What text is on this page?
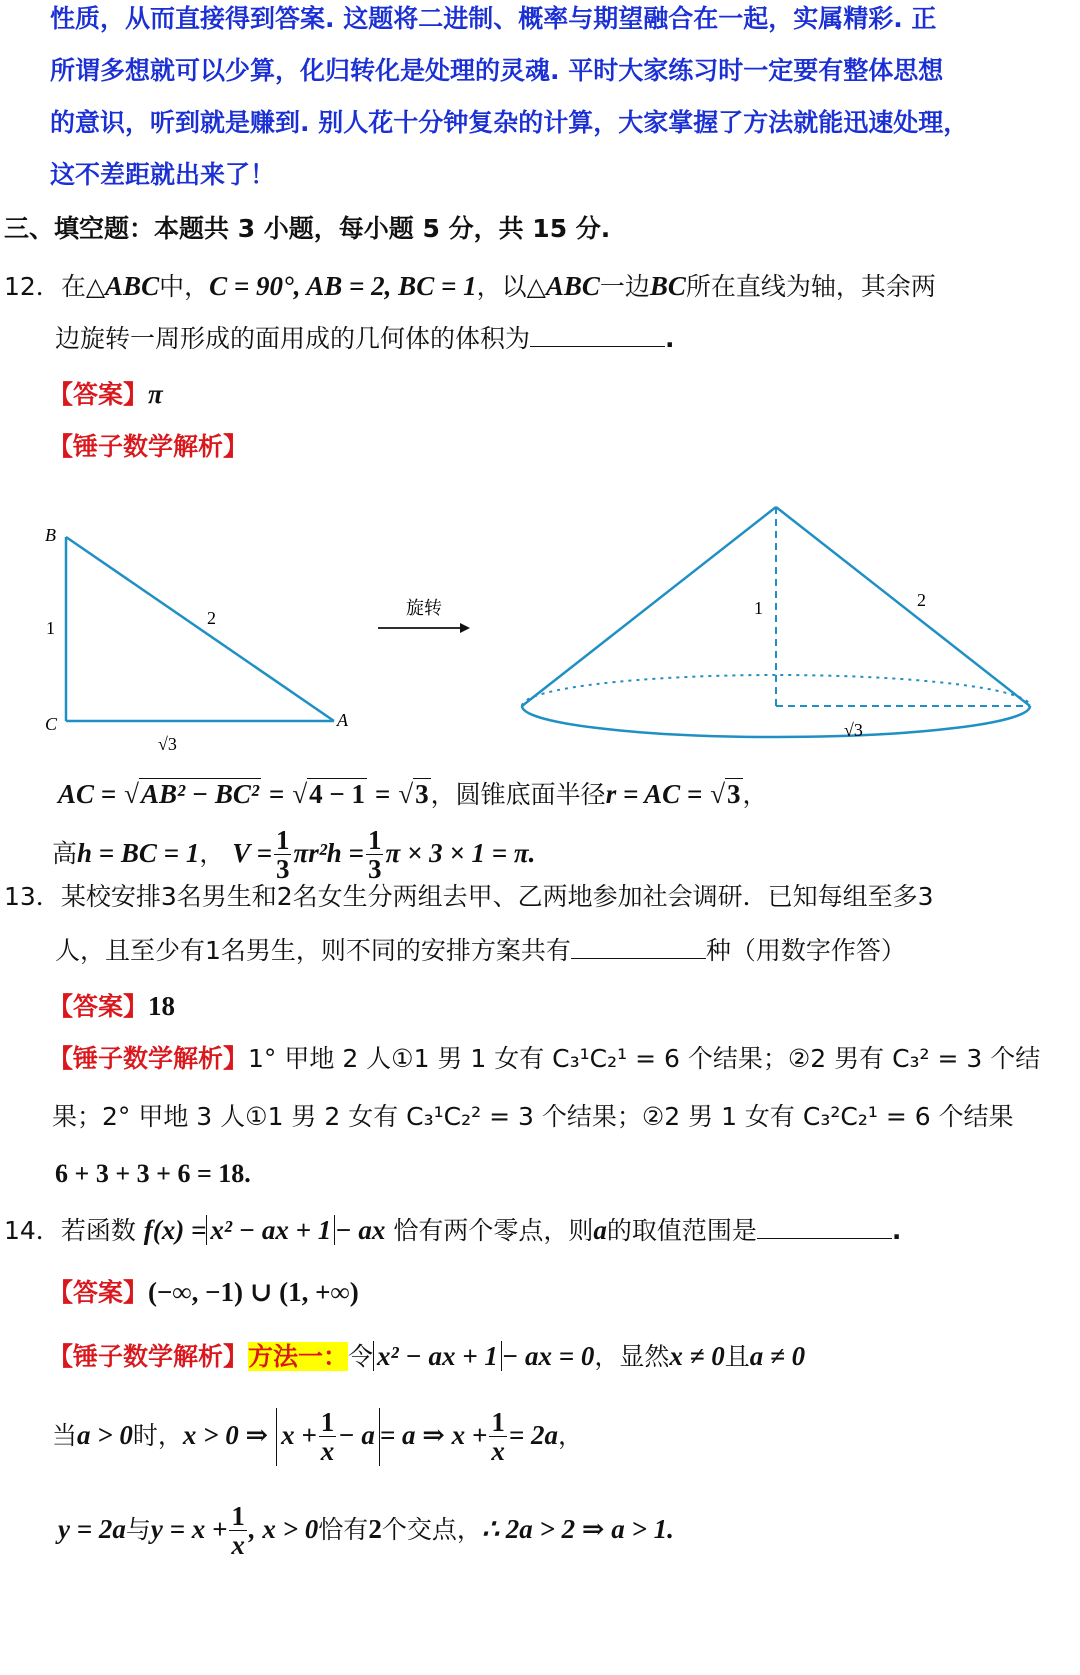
性质，从而直接得到答案. 这题将二进制、概率与期望融合在一起，实属精彩. 正
所谓多想就可以少算，化归转化是处理的灵魂. 平时大家练习时一定要有整体思想
的意识，听到就是赚到. 别人花十分钟复杂的计算，大家掌握了方法就能迅速处理，
这不差距就出来了！
三、填空题：本题共 3 小题，每小题 5 分，共 15 分.
12．在△ABC中，C = 90°, AB = 2, BC = 1，以△ABC一边BC所在直线为轴，其余两
边旋转一周形成的面用成的几何体的体积为	.
【答案】π
【锤子数学解析】
B
C	A
1	2
√3
旋转	1	2
√3
AC = √AB² − BC² = √4 − 1 = √3，圆锥底面半径r = AC = √3，
高h = BC = 1， $V = \frac{1}{3} \pi r^2h = \frac{1}{3}$ π × 3 × 1 = π.
13．某校安排3名男生和2名女生分两组去甲、乙两地参加社会调研．已知每组至多3
人，且至少有1名男生，则不同的安排方案共有	种（用数字作答）
【答案】18
【锤子数学解析】1° 甲地 2 人①1 男 1 女有 C₃¹C₂¹ = 6 个结果；②2 男有 C₃² = 3 个结
果；2° 甲地 3 人①1 男 2 女有 C₃¹C₂² = 3 个结果；②2 男 1 女有 C₃²C₂¹ = 6 个结果
6 + 3 + 3 + 6 = 18.
14．若函数 f(x) = x² − ax + 1 − ax 恰有两个零点，则a的取值范围是	.
【答案】(−∞, −1) ∪ (1, +∞)
【锤子数学解析】方法一：令 x² − ax + 1 − ax = 0，显然x ≠ 0且a ≠ 0
当a > 0时，x > 0 ⇒ $x + \frac{1}{x} - a = a$ ⇒ $x + \frac{1}{x} = 2a$，
y = 2a与$y = x + \frac{1}{x}$ , x > 0恰有2个交点，∴ 2a > 2 ⇒ a > 1.
